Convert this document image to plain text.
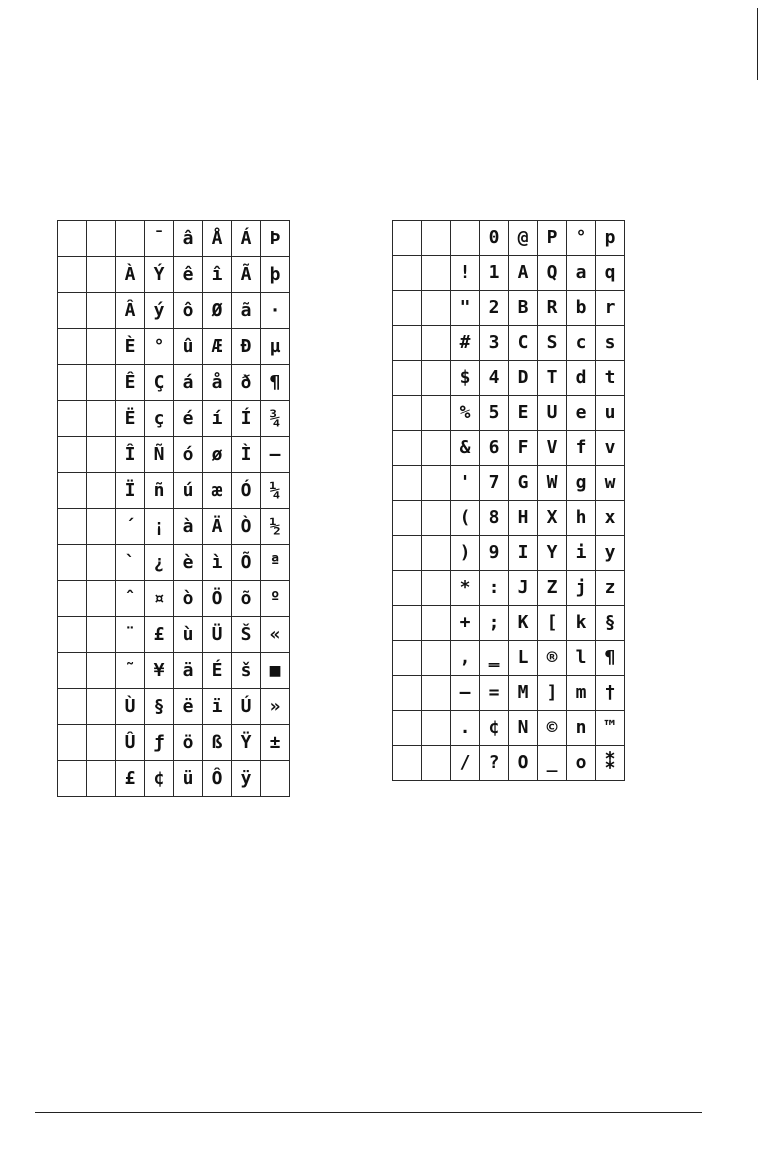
			¯	â	Å	Á	Þ
		À	Ý	ê	î	Ã	þ
		Â	ý	ô	Ø	ã	·
		È	°	û	Æ	Ð	µ
		Ê	Ç	á	å	ð	¶
		Ë	ç	é	í	Í	¾
		Î	Ñ	ó	ø	Ì	—
		Ï	ñ	ú	æ	Ó	¼
		´	¡	à	Ä	Ò	½
		`	¿	è	ì	Õ	ª
		ˆ	¤	ò	Ö	õ	º
		¨	£	ù	Ü	Š	«
		˜	¥	ä	É	š	■
		Ù	§	ë	ï	Ú	»
		Û	ƒ	ö	ß	Ÿ	±
		£	¢	ü	Ô	ÿ	
			0	@	P	°	p
		!	1	A	Q	a	q
		"	2	B	R	b	r
		#	3	C	S	c	s
		$	4	D	T	d	t
		%	5	E	U	e	u
		&	6	F	V	f	v
		'	7	G	W	g	w
		(	8	H	X	h	x
		)	9	I	Y	i	y
		*	:	J	Z	j	z
		+	;	K	[	k	§
		,	‗	L	®	l	¶
		–	=	M	]	m	†
		.	¢	N	©	n	™
		/	?	O	_	o	⁑
